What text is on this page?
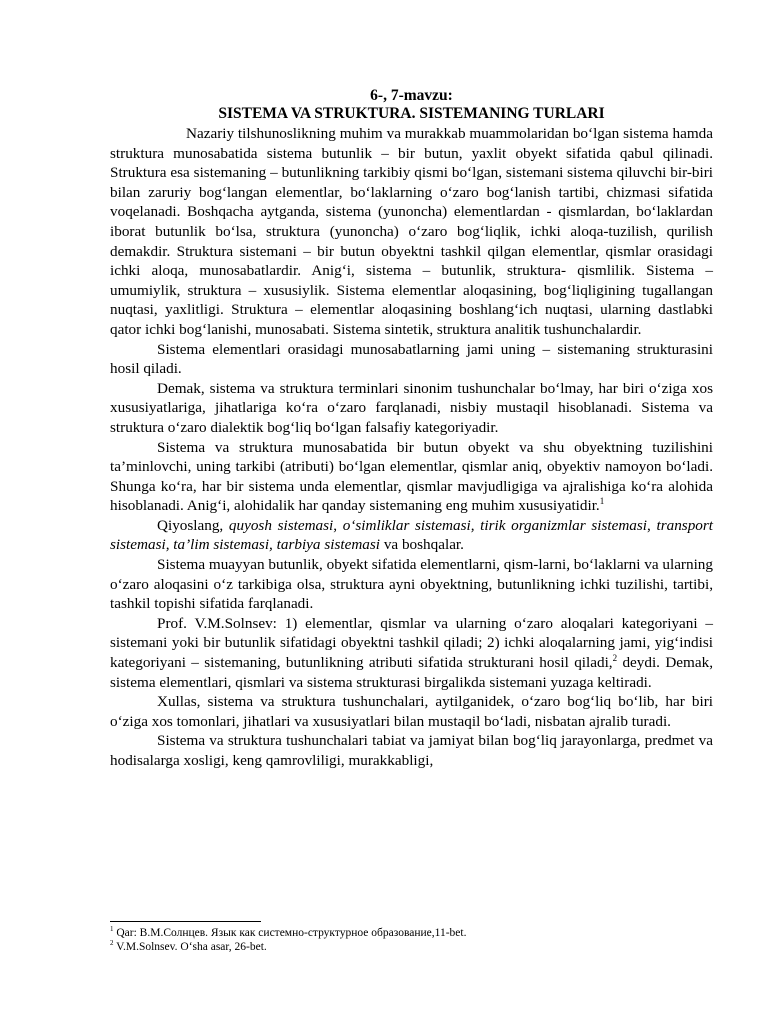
6-, 7-mavzu:

SISTEMA VA STRUKTURA. SISTEMANING TURLARI

Nazariy tilshunoslikning muhim va murakkab muammolaridan bo‘lgan sistema hamda struktura munosabatida sistema butunlik – bir butun, yaxlit obyekt sifatida qabul qilinadi. Struktura esa sistemaning – butunlikning tarkibiy qismi bo‘lgan, sistemani sistema qiluvchi bir-biri bilan zaruriy bog‘langan elementlar, bo‘laklarning o‘zaro bog‘lanish tartibi, chizmasi sifatida voqelanadi. Boshqacha aytganda, sistema (yunoncha) elementlardan - qismlardan, bo‘laklardan iborat butunlik bo‘lsa, struktura (yunoncha) o‘zaro bog‘liqlik, ichki aloqa-tuzilish, qurilish demakdir. Struktura sistemani – bir butun obyektni tashkil qilgan elementlar, qismlar orasidagi ichki aloqa, munosabatlardir. Anig‘i, sistema – butunlik, struktura- qismlilik. Sistema – umumiylik, struktura – xususiylik. Sistema elementlar aloqasining, bog‘liqligining tugallangan nuqtasi, yaxlitligi. Struktura – elementlar aloqasining boshlang‘ich nuqtasi, ularning dastlabki qator ichki bog‘lanishi, munosabati. Sistema sintetik, struktura analitik tushunchalardir.

Sistema elementlari orasidagi munosabatlarning jami uning – sistemaning strukturasini hosil qiladi.

Demak, sistema va struktura terminlari sinonim tushunchalar bo‘lmay, har biri o‘ziga xos xususiyatlariga, jihatlariga ko‘ra o‘zaro farqlanadi, nisbiy mustaqil hisoblanadi. Sistema va struktura o‘zaro dialektik bog‘liq bo‘lgan falsafiy kategoriyadir.

Sistema va struktura munosabatida bir butun obyekt va shu obyektning tuzilishini ta’minlovchi, uning tarkibi (atributi) bo‘lgan elementlar, qismlar aniq, obyektiv namoyon bo‘ladi. Shunga ko‘ra, har bir sistema unda elementlar, qismlar mavjudligiga va ajralishiga ko‘ra alohida hisoblanadi. Anig‘i, alohidalik har qanday sistemaning eng muhim xususiyatidir.$^1$

Qiyoslang, quyosh sistemasi, o‘simliklar sistemasi, tirik organizmlar sistemasi, transport sistemasi, ta’lim sistemasi, tarbiya sistemasi va boshqalar.

Sistema muayyan butunlik, obyekt sifatida elementlarni, qism-larni, bo‘laklarni va ularning o‘zaro aloqasini o‘z tarkibiga olsa, struktura ayni obyektning, butunlikning ichki tuzilishi, tartibi, tashkil topishi sifatida farqlanadi.

Prof. V.M.Solnsev: 1) elementlar, qismlar va ularning o‘zaro aloqalari kategoriyani – sistemani yoki bir butunlik sifatidagi obyektni tashkil qiladi; 2) ichki aloqalarning jami, yig‘indisi kategoriyani – sistemaning, butunlikning atributi sifatida strukturani hosil qiladi,$^2$ deydi. Demak, sistema elementlari, qismlari va sistema strukturasi birgalikda sistemani yuzaga keltiradi.

Xullas, sistema va struktura tushunchalari, aytilganidek, o‘zaro bog‘liq bo‘lib, har biri o‘ziga xos tomonlari, jihatlari va xususiyatlari bilan mustaqil bo‘ladi, nisbatan ajralib turadi.

Sistema va struktura tushunchalari tabiat va jamiyat bilan bog‘liq jarayonlarga, predmet va hodisalarga xosligi, keng qamrovliligi, murakkabligi,

$^1$ Qar: В.М.Солнцев. Язык как системно-структурное образование,11-bet.
$^2$ V.M.Solnsev. O‘sha asar, 26-bet.
